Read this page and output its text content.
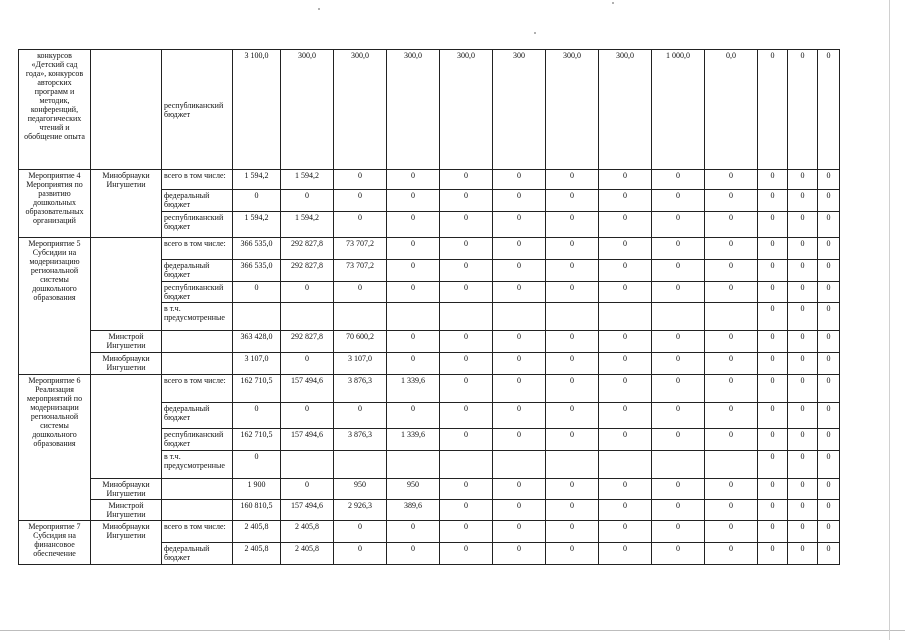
конкурсов «Детский сад года», конкурсов авторских программ и методик, конференций, педагогических чтений и обобщение опыта		республиканский бюджет	3 100,0	300,0	300,0	300,0	300,0	300	300,0	300,0	1 000,0	0,0	0	0	0
Мероприятие 4 Мероприятия по развитию дошкольных образовательных организаций	Минобрнауки Ингушетии	всего в том числе:	1 594,2	1 594,2	0	0	0	0	0	0	0	0	0	0	0
		федеральный бюджет	0	0	0	0	0	0	0	0	0	0	0	0	0
		республиканский бюджет	1 594,2	1 594,2	0	0	0	0	0	0	0	0	0	0	0
Мероприятие 5 Субсидии на модернизацию региональной системы дошкольного образования		всего в том числе:	366 535,0	292 827,8	73 707,2	0	0	0	0	0	0	0	0	0	0
		федеральный бюджет	366 535,0	292 827,8	73 707,2	0	0	0	0	0	0	0	0	0	0
		республиканский бюджет	0	0	0	0	0	0	0	0	0	0	0	0	0
		в т.ч. предусмотренные											0	0	0
	Минстрой Ингушетии		363 428,0	292 827,8	70 600,2	0	0	0	0	0	0	0	0	0	0
	Минобрнауки Ингушетии		3 107,0	0	3 107,0	0	0	0	0	0	0	0	0	0	0
Мероприятие 6 Реализация мероприятий по модернизации региональной системы дошкольного образования		всего в том числе:	162 710,5	157 494,6	3 876,3	1 339,6	0	0	0	0	0	0	0	0	0
		федеральный бюджет	0	0	0	0	0	0	0	0	0	0	0	0	0
		республиканский бюджет	162 710,5	157 494,6	3 876,3	1 339,6	0	0	0	0	0	0	0	0	0
		в т.ч. предусмотренные	0										0	0	0
	Минобрнауки Ингушетии		1 900	0	950	950	0	0	0	0	0	0	0	0	0
	Минстрой Ингушетии		160 810,5	157 494,6	2 926,3	389,6	0	0	0	0	0	0	0	0	0
Мероприятие 7 Субсидия на финансовое обеспечение	Минобрнауки Ингушетии	всего в том числе:	2 405,8	2 405,8	0	0	0	0	0	0	0	0	0	0	0
		федеральный бюджет	2 405,8	2 405,8	0	0	0	0	0	0	0	0	0	0	0
